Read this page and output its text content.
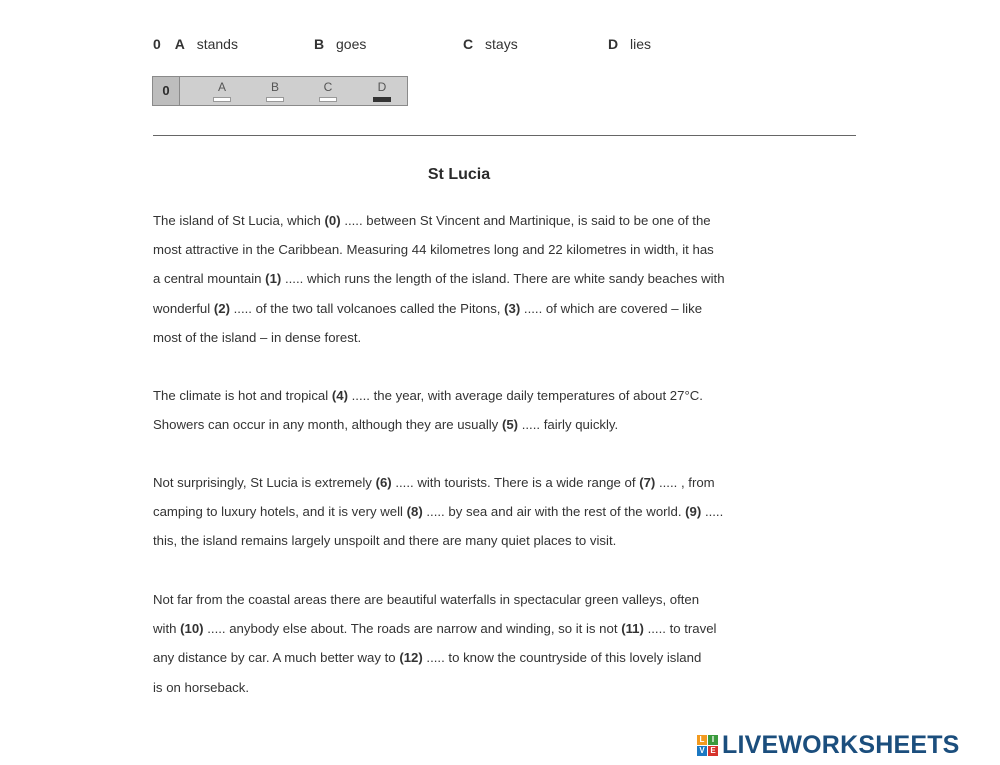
0 A stands	B goes	C stays	D lies
0	A	B	C	D
St Lucia
The island of St Lucia, which (0) ..... between St Vincent and Martinique, is said to be one of the
most attractive in the Caribbean. Measuring 44 kilometres long and 22 kilometres in width, it has
a central mountain (1) ..... which runs the length of the island. There are white sandy beaches with
wonderful (2) ..... of the two tall volcanoes called the Pitons, (3) ..... of which are covered – like
most of the island – in dense forest.
The climate is hot and tropical (4) ..... the year, with average daily temperatures of about 27°C.
Showers can occur in any month, although they are usually (5) ..... fairly quickly.
Not surprisingly, St Lucia is extremely (6) ..... with tourists. There is a wide range of (7) ..... , from
camping to luxury hotels, and it is very well (8) ..... by sea and air with the rest of the world. (9) .....
this, the island remains largely unspoilt and there are many quiet places to visit.
Not far from the coastal areas there are beautiful waterfalls in spectacular green valleys, often
with (10) ..... anybody else about. The roads are narrow and winding, so it is not (11) ..... to travel
any distance by car. A much better way to (12) ..... to know the countryside of this lovely island
is on horseback.
L I
V E LIVEWORKSHEETS
